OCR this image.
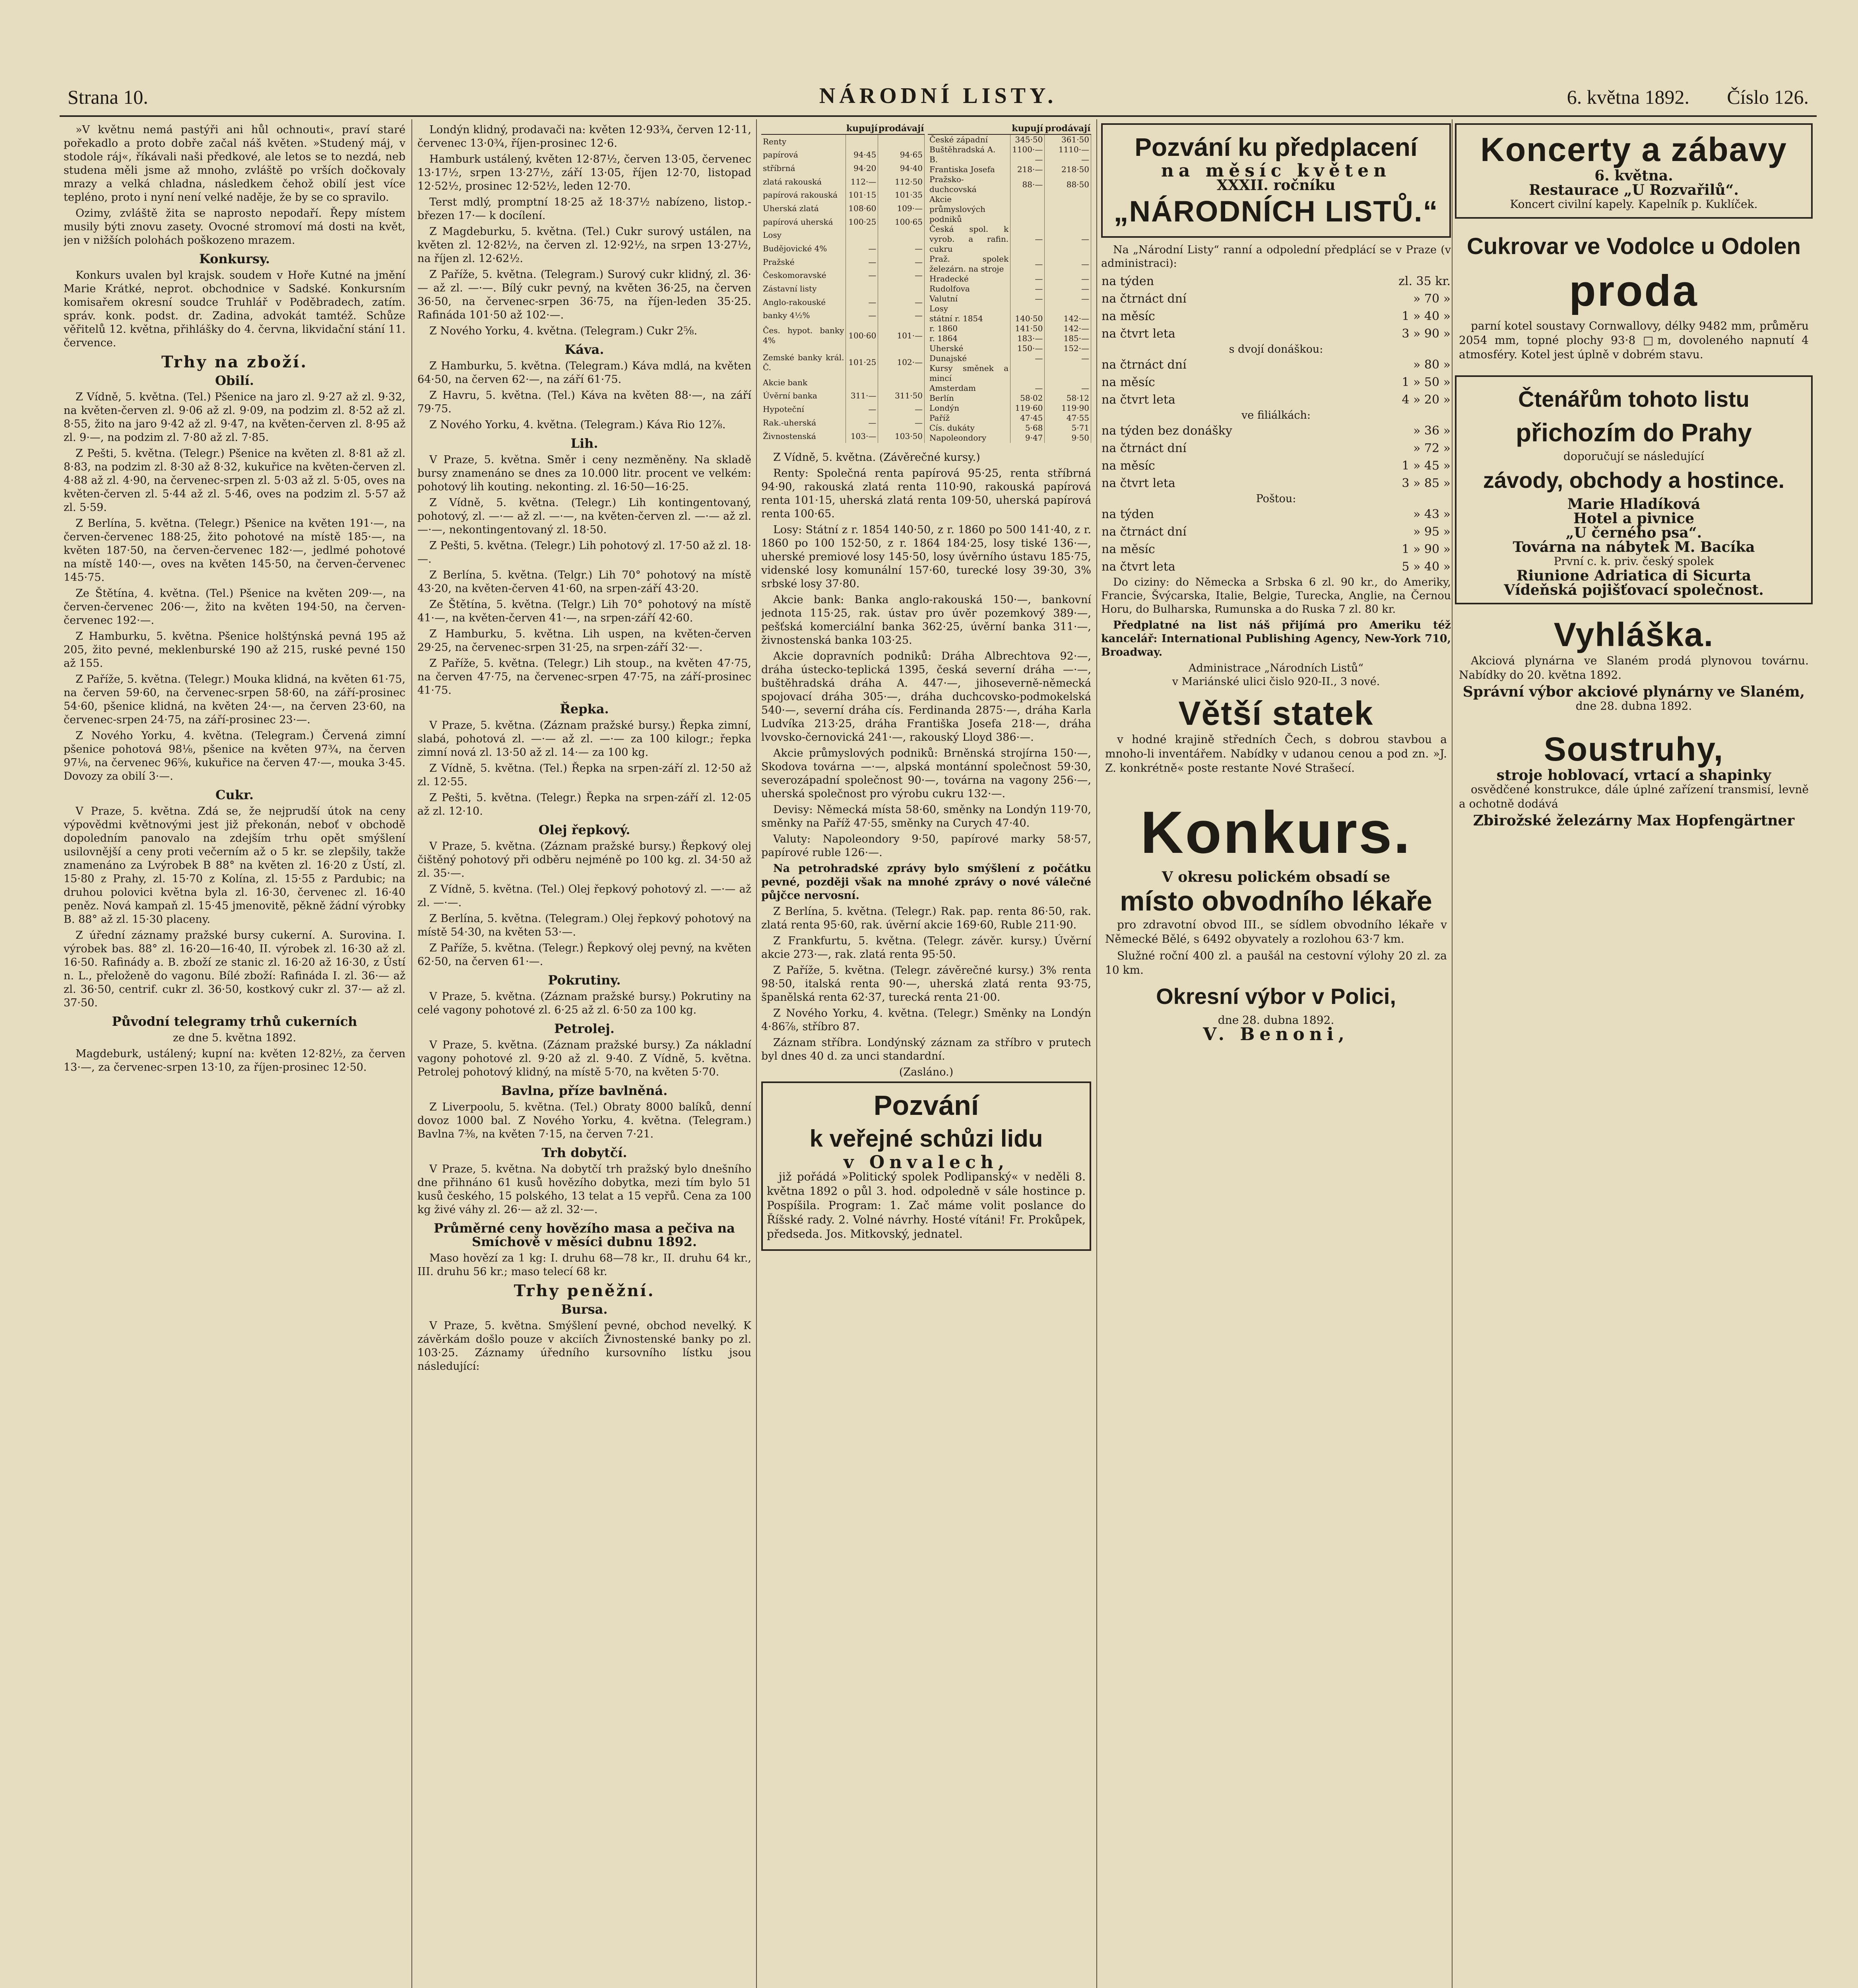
Strana 10.	NÁRODNÍ LISTY.	6. května 1892. Číslo 126.

»V květnu nemá pastýři ani hůl ochnouti«, praví staré pořekadlo a proto dobře začal náš květen. »Studený máj, v stodole ráj«, říkávali naši předkové, ale letos se to nezdá, neb studena měli jsme až mnoho, zvláště po vrších dočkovaly mrazy a velká chladna, následkem čehož obilí jest více tepléno, proto i nyní není velké naděje, že by se co spravilo.

Ozimy, zvláště žita se naprosto nepodaří. Řepy místem musily býti znovu zasety. Ovocné stromoví má dosti na květ, jen v nižších polohách poškozeno mrazem.

Konkursy.

Konkurs uvalen byl krajsk. soudem v Hoře Kutné na jmění Marie Krátké, neprot. obchodnice v Sadské. Konkursním komisařem okresní soudce Truhlář v Poděbradech, zatím. správ. konk. podst. dr. Zadina, advokát tamtéž. Schůze věřitelů 12. května, přihlášky do 4. června, likvidační stání 11. července.

Trhy na zboží.
Obilí.

Z Vídně, 5. května. (Tel.) Pšenice na jaro zl. 9·27 až zl. 9·32, na květen-červen zl. 9·06 až zl. 9·09, na podzim zl. 8·52 až zl. 8·55, žito na jaro 9·42 až zl. 9·47, na květen-červen zl. 8·95 až zl. 9·—, na podzim zl. 7·80 až zl. 7·85.

Z Pešti, 5. května. (Telegr.) Pšenice na květen zl. 8·81 až zl. 8·83, na podzim zl. 8·30 až 8·32, kukuřice na květen-červen zl. 4·88 až zl. 4·90, na červenec-srpen zl. 5·03 až zl. 5·05, oves na květen-červen zl. 5·44 až zl. 5·46, oves na podzim zl. 5·57 až zl. 5·59.

Z Berlína, 5. května. (Telegr.) Pšenice na květen 191·—, na červen-červenec 188·25, žito pohotové na místě 185·—, na květen 187·50, na červen-červenec 182·—, jedlmé pohotové na místě 140·—, oves na květen 145·50, na červen-červenec 145·75.

Ze Štětína, 4. května. (Tel.) Pšenice na květen 209·—, na červen-červenec 206·—, žito na květen 194·50, na červen-červenec 192·—.

Z Hamburku, 5. května. Pšenice holštýnská pevná 195 až 205, žito pevné, meklenburské 190 až 215, ruské pevné 150 až 155.

Z Paříže, 5. května. (Telegr.) Mouka klidná, na květen 61·75, na červen 59·60, na červenec-srpen 58·60, na září-prosinec 54·60, pšenice klidná, na květen 24·—, na červen 23·60, na červenec-srpen 24·75, na září-prosinec 23·—.

Z Nového Yorku, 4. května. (Telegram.) Červená zimní pšenice pohotová 98⅛, pšenice na květen 97¾, na červen 97⅛, na červenec 96⅝, kukuřice na červen 47·—, mouka 3·45. Dovozy za obilí 3·—.

Cukr.

V Praze, 5. května. Zdá se, že nejprudší útok na ceny výpovědmi květnovými jest již překonán, neboť v obchodě dopoledním panovalo na zdejším trhu opět smýšlení usilovnější a ceny proti večerním až o 5 kr. se zlepšily, takže znamenáno za Lvýrobek B 88° na květen zl. 16·20 z Ústí, zl. 15·80 z Prahy, zl. 15·70 z Kolína, zl. 15·55 z Pardubic; na druhou polovici května byla zl. 16·30, červenec zl. 16·40 peněz. Nová kampaň zl. 15·45 jmenovitě, pěkně žádní výrobky B. 88° až zl. 15·30 placeny.

Z úřední záznamy pražské bursy cukerní. A. Surovina. I. výrobek bas. 88° zl. 16·20—16·40, II. výrobek zl. 16·30 až zl. 16·50. Rafinády a. B. zboží ze stanic zl. 16·20 až 16·30, z Ústí n. L., přeloženě do vagonu. Bílé zboží: Rafináda I. zl. 36·— až zl. 36·50, centrif. cukr zl. 36·50, kostkový cukr zl. 37·— až zl. 37·50.

Původní telegramy trhů cukerních

ze dne 5. května 1892.

Magdeburk, ustálený; kupní na: květen 12·82½, za červen 13·—, za červenec-srpen 13·10, za říjen-prosinec 12·50.

Londýn klidný, prodavači na: květen 12·93¾, červen 12·11, červenec 13·0¾, říjen-prosinec 12·6.

Hamburk ustálený, květen 12·87½, červen 13·05, červenec 13·17½, srpen 13·27½, září 13·05, říjen 12·70, listopad 12·52½, prosinec 12·52½, leden 12·70.

Terst mdlý, promptní 18·25 až 18·37½ nabízeno, listop.-březen 17·— k docílení.

Z Magdeburku, 5. května. (Tel.) Cukr surový ustálen, na květen zl. 12·82½, na červen zl. 12·92½, na srpen 13·27½, na říjen zl. 12·62½.

Z Paříže, 5. května. (Telegram.) Surový cukr klidný, zl. 36·— až zl. —·—. Bílý cukr pevný, na květen 36·25, na červen 36·50, na červenec-srpen 36·75, na říjen-leden 35·25. Rafináda 101·50 až 102·—.

Z Nového Yorku, 4. května. (Telegram.) Cukr 2⅝.

Káva.

Z Hamburku, 5. května. (Telegram.) Káva mdlá, na květen 64·50, na červen 62·—, na září 61·75.

Z Havru, 5. května. (Tel.) Káva na květen 88·—, na září 79·75.

Z Nového Yorku, 4. května. (Telegram.) Káva Rio 12⅞.

Lih.

V Praze, 5. května. Směr i ceny nezměněny. Na skladě bursy znamenáno se dnes za 10.000 litr. procent ve velkém: pohotový lih kouting. nekonting. zl. 16·50—16·25.

Z Vídně, 5. května. (Telegr.) Lih kontingentovaný, pohotový, zl. —·— až zl. —·—, na květen-červen zl. —·— až zl. —·—, nekontingentovaný zl. 18·50.

Z Pešti, 5. května. (Telegr.) Lih pohotový zl. 17·50 až zl. 18·—.

Z Berlína, 5. května. (Telgr.) Lih 70° pohotový na místě 43·20, na květen-červen 41·60, na srpen-září 43·20.

Ze Štětína, 5. května. (Telgr.) Lih 70° pohotový na místě 41·—, na květen-červen 41·—, na srpen-září 42·60.

Z Hamburku, 5. května. Lih uspen, na květen-červen 29·25, na červenec-srpen 31·25, na srpen-září 32·—.

Z Paříže, 5. května. (Telegr.) Lih stoup., na květen 47·75, na červen 47·75, na červenec-srpen 47·75, na září-prosinec 41·75.

Řepka.

V Praze, 5. května. (Záznam pražské bursy.) Řepka zimní, slabá, pohotová zl. —·— až zl. —·— za 100 kilogr.; řepka zimní nová zl. 13·50 až zl. 14·— za 100 kg.

Z Vídně, 5. května. (Tel.) Řepka na srpen-září zl. 12·50 až zl. 12·55.

Z Pešti, 5. května. (Telegr.) Řepka na srpen-září zl. 12·05 až zl. 12·10.

Olej řepkový.

V Praze, 5. května. (Záznam pražské bursy.) Řepkový olej čištěný pohotový při odběru nejméně po 100 kg. zl. 34·50 až zl. 35·—.

Z Vídně, 5. května. (Tel.) Olej řepkový pohotový zl. —·— až zl. —·—.

Z Berlína, 5. května. (Telegram.) Olej řepkový pohotový na místě 54·30, na květen 53·—.

Z Paříže, 5. května. (Telegr.) Řepkový olej pevný, na květen 62·50, na červen 61·—.

Pokrutiny.

V Praze, 5. května. (Záznam pražské bursy.) Pokrutiny na celé vagony pohotové zl. 6·25 až zl. 6·50 za 100 kg.

Petrolej.

V Praze, 5. května. (Záznam pražské bursy.) Za nákladní vagony pohotové zl. 9·20 až zl. 9·40. Z Vídně, 5. května. Petrolej pohotový klidný, na místě 5·70, na květen 5·70.

Bavlna, příze bavlněná.

Z Liverpoolu, 5. května. (Tel.) Obraty 8000 balíků, denní dovoz 1000 bal. Z Nového Yorku, 4. května. (Telegram.) Bavlna 7⅜, na květen 7·15, na červen 7·21.

Trh dobytčí.

V Praze, 5. května. Na dobytčí trh pražský bylo dnešního dne přihnáno 61 kusů hovězího dobytka, mezi tím bylo 51 kusů českého, 15 polského, 13 telat a 15 vepřů. Cena za 100 kg živé váhy zl. 26·— až zl. 32·—.

Průměrné ceny hovězího masa a pečiva na Smíchově v měsíci dubnu 1892.

Maso hovězí za 1 kg: I. druhu 68—78 kr., II. druhu 64 kr., III. druhu 56 kr.; maso telecí 68 kr.

Trhy peněžní.
Bursa.

V Praze, 5. května. Smýšlení pevné, obchod nevelký. K závěrkám došlo pouze v akciích Živnostenské banky po zl. 103·25. Záznamy úředního kursovního lístku jsou následující:

	kupují	prodávají
Renty		
papírová	94·45	94·65
stříbrná	94·20	94·40
zlatá rakouská	112·—	112·50
papírová rakouská	101·15	101·35
Uherská zlatá	108·60	109·—
papírová uherská	100·25	100·65
Losy		
Budějovické 4%	—	—
Pražské	—	—
Českomoravské	—	—
Zástavní listy		
Anglo-rakouské	—	—
banky 4½%	—	—
Čes. hypot. banky 4%	100·60	101·—
Zemské banky král. Č.	101·25	102·—
Akcie bank		
Úvěrní banka	311·—	311·50
Hypoteční	—	—
Rak.-uherská	—	—
Živnostenská	103·—	103·50
	kupují	prodávají
České západní	345·50	361·50
Buštěhradská A.	1100·—	1110·—
B.	—	—
Frantiska Josefa	218·—	218·50
Pražsko-duchcovská	88·—	88·50
Akcie průmyslových podniků		
Česká spol. k vyrob. a rafin. cukru	—	—
Praž. spolek železárn. na stroje	—	—
Hradecké	—	—
Rudolfova	—	—
Valutní	—	—
Losy		
státní r. 1854	140·50	142·—
r. 1860	141·50	142·—
r. 1864	183·—	185·—
Uherské	150·—	152·—
Dunajské	—	—
Kursy směnek a mincí		
Amsterdam	—	—
Berlín	58·02	58·12
Londýn	119·60	119·90
Paříž	47·45	47·55
Cís. dukáty	5·68	5·71
Napoleondory	9·47	9·50

Z Vídně, 5. května. (Závěrečné kursy.)

Renty: Společná renta papírová 95·25, renta stříbrná 94·90, rakouská zlatá renta 110·90, rakouská papírová renta 101·15, uherská zlatá renta 109·50, uherská papírová renta 100·65.

Losy: Státní z r. 1854 140·50, z r. 1860 po 500 141·40, z r. 1860 po 100 152·50, z r. 1864 184·25, losy tiské 136·—, uherské premiové losy 145·50, losy úvěrního ústavu 185·75, videnské losy komunální 157·60, turecké losy 39·30, 3% srbské losy 37·80.

Akcie bank: Banka anglo-rakouská 150·—, bankovní jednota 115·25, rak. ústav pro úvěr pozemkový 389·—, pešťská komerciální banka 362·25, úvěrní banka 311·—, živnostenská banka 103·25.

Akcie dopravních podniků: Dráha Albrechtova 92·—, dráha ústecko-teplická 1395, česká severní dráha —·—, buštěhradská dráha A. 447·—, jihoseverně-německá spojovací dráha 305·—, dráha duchcovsko-podmokelská 540·—, severní dráha cís. Ferdinanda 2875·—, dráha Karla Ludvíka 213·25, dráha Františka Josefa 218·—, dráha lvovsko-černovická 241·—, rakouský Lloyd 386·—.

Akcie průmyslových podniků: Brněnská strojírna 150·—, Skodova továrna —·—, alpská montánní společnost 59·30, severozápadní společnost 90·—, továrna na vagony 256·—, uherská společnost pro výrobu cukru 132·—.

Devisy: Německá místa 58·60, směnky na Londýn 119·70, směnky na Paříž 47·55, směnky na Curych 47·40.

Valuty: Napoleondory 9·50, papírové marky 58·57, papírové ruble 126·—.

Na petrohradské zprávy bylo smýšlení z počátku pevné, později však na mnohé zprávy o nové válečné půjčce nervosní.

Z Berlína, 5. května. (Telegr.) Rak. pap. renta 86·50, rak. zlatá renta 95·60, rak. úvěrní akcie 169·60, Ruble 211·90.

Z Frankfurtu, 5. května. (Telegr. závěr. kursy.) Úvěrní akcie 273·—, rak. zlatá renta 95·50.

Z Paříže, 5. května. (Telegr. závěrečné kursy.) 3% renta 98·50, italská renta 90·—, uherská zlatá renta 93·75, španělská renta 62·37, turecká renta 21·00.

Z Nového Yorku, 4. května. (Telegr.) Směnky na Londýn 4·86⅞, stříbro 87.

Záznam stříbra. Londýnský záznam za stříbro v prutech byl dnes 40 d. za unci standardní.

(Zasláno.)

Pozvání
k veřejné schůzi lidu
v Onvalech,

již pořádá »Politický spolek Podlipanský« v neděli 8. května 1892 o půl 3. hod. odpoledně v sále hostince p. Pospíšila. Program: 1. Zač máme volit poslance do Říšské rady. 2. Volné návrhy. Hosté vítáni! Fr. Prokůpek, předseda. Jos. Mitkovský, jednatel.

Pozvání ku předplacení
na měsíc květen
XXXII. ročníku
„NÁRODNÍCH LISTŮ.“

Na „Národní Listy“ ranní a odpolední předplácí se v Praze (v administraci):

na týden	zl. 35 kr.
na čtrnáct dní	» 70 »
na měsíc	1 » 40 »
na čtvrt leta	3 » 90 »
s dvojí donáškou:
na čtrnáct dní	» 80 »
na měsíc	1 » 50 »
na čtvrt leta	4 » 20 »
ve filiálkách:
na týden bez donášky	» 36 »
na čtrnáct dní	» 72 »
na měsíc	1 » 45 »
na čtvrt leta	3 » 85 »
Poštou:
na týden	» 43 »
na čtrnáct dní	» 95 »
na měsíc	1 » 90 »
na čtvrt leta	5 » 40 »

Do ciziny: do Německa a Srbska 6 zl. 90 kr., do Ameriky, Francie, Švýcarska, Italie, Belgie, Turecka, Anglie, na Černou Horu, do Bulharska, Rumunska a do Ruska 7 zl. 80 kr.

Předplatné na list náš přijímá pro Ameriku též kancelář: International Publishing Agency, New-York 710, Broadway.

Administrace „Národních Listů“
v Mariánské ulici čislo 920-II., 3 nové.
Větší statek

v hodné krajině středních Čech, s dobrou stavbou a mnoho-li inventářem. Nabídky v udanou cenou a pod zn. »J. Z. konkrétně« poste restante Nové Strašecí.

Konkurs.
V okresu polickém obsadí se
místo obvodního lékaře

pro zdravotní obvod III., se sídlem obvodního lékaře v Německé Bělé, s 6492 obyvately a rozlohou 63·7 km.

Služné roční 400 zl. a paušál na cestovní výlohy 20 zl. za 10 km.

Okresní výbor v Polici,
dne 28. dubna 1892.
V. Benoni,
Koncerty a zábavy
6. května.
Restaurace „U Rozvařilů“.
Koncert civilní kapely. Kapelník p. Kuklíček.
Cukrovar ve Vodolce u Odolen
proda

parní kotel soustavy Cornwallovy, délky 9482 mm, průměru 2054 mm, topné plochy 93·8 □m, dovoleného napnutí 4 atmosféry. Kotel jest úplně v dobrém stavu.

Čtenářům tohoto listu
přichozím do Prahy
doporučují se následující
závody, obchody a hostince.
Marie Hladíková
Hotel a pivnice
„U černého psa“.
Továrna na nábytek M. Bacíka
První c. k. priv. český spolek
Riunione Adriatica di Sicurta
Vídeňská pojišťovací společnost.
Vyhláška.

Akciová plynárna ve Slaném prodá plynovou továrnu. Nabídky do 20. května 1892.

Správní výbor akciové plynárny ve Slaném,
dne 28. dubna 1892.
Soustruhy,
stroje hoblovací, vrtací a shapinky

osvědčené konstrukce, dále úplné zařízení transmisí, levně a ochotně dodává

Zbirožské železárny Max Hopfengärtner
